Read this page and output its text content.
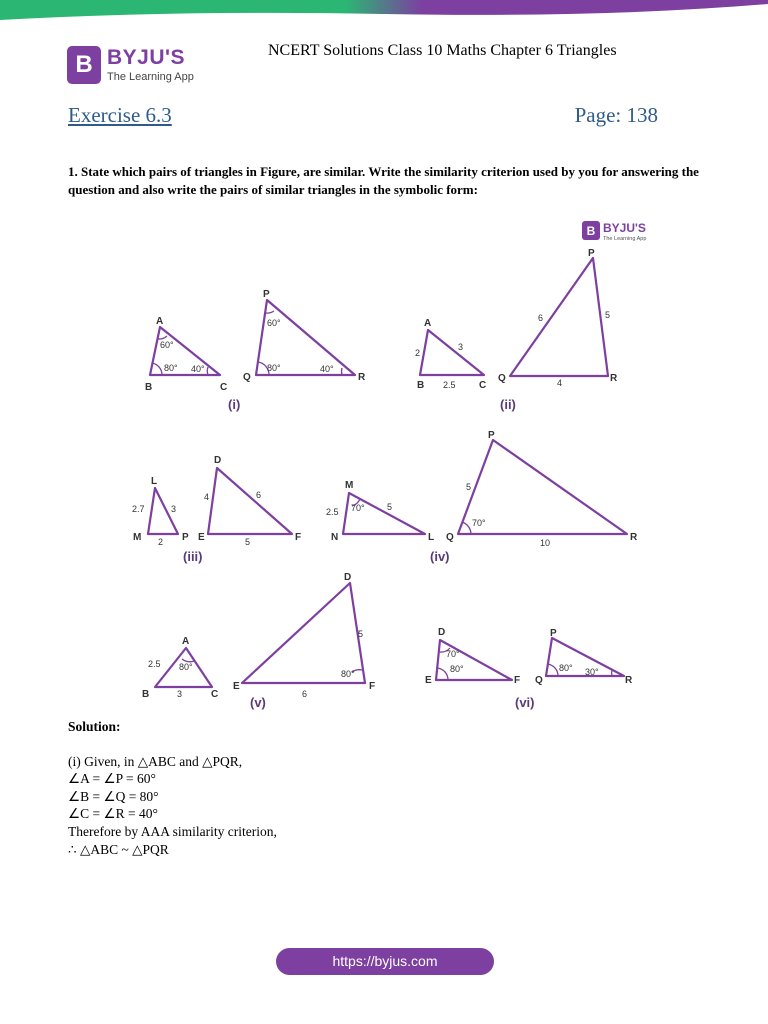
B BYJU'S
The Learning App
NCERT Solutions Class 10 Maths Chapter 6 Triangles
Exercise 6.3	Page: 138
1. State which pairs of triangles in Figure, are similar. Write the similarity criterion used by you for answering the question and also write the pairs of similar triangles in the symbolic form:
B BYJU'S
The Learning App
A
B	C
P
Q	R
A
B	C
P
Q	R
L
M	P
D
E	F
M
N	L
P
Q	R
A
B	C
D
E	F
D
E	F
P
Q	R
60°
80° 40°
60°
80°	40°
2
3
2.5
6	5
4
2.7	3
2
4	6
5
2.5	5
70°
5
10
70°
2.5
3
80°
5
6
80°
70°
80°	80° 30°
(i)	(ii)
(iii)	(iv)
(v)	(vi)
Solution:
(i) Given, in △ABC and △PQR,
∠A = ∠P = 60°
∠B = ∠Q = 80°
∠C = ∠R = 40°
Therefore by AAA similarity criterion,
∴ △ABC ~ △PQR
https://byjus.com
